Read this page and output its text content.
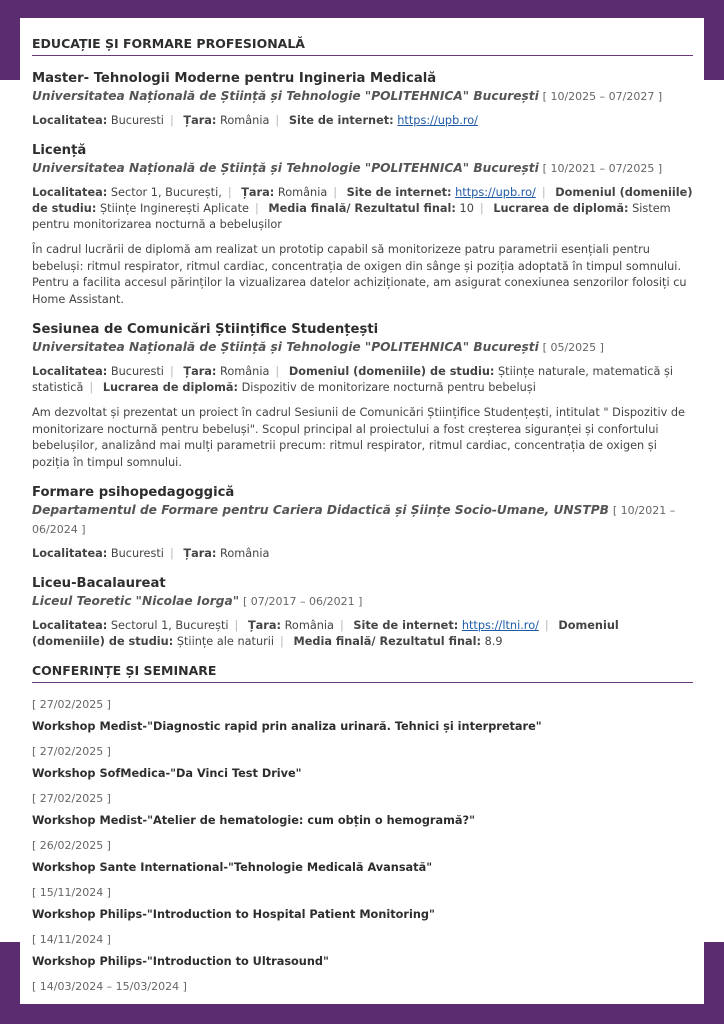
EDUCAȚIE ȘI FORMARE PROFESIONALĂ
Master- Tehnologii Moderne pentru Ingineria Medicală
Universitatea Națională de Știință și Tehnologie "POLITEHNICA" București [ 10/2025 – 07/2027 ]
Localitatea: Bucuresti | Țara: România | Site de internet: https://upb.ro/
Licență
Universitatea Națională de Știință și Tehnologie "POLITEHNICA" București [ 10/2021 – 07/2025 ]
Localitatea: Sector 1, București, | Țara: România | Site de internet: https://upb.ro/ | Domeniul (domeniile) de studiu: Științe Inginerești Aplicate | Media finală/ Rezultatul final: 10 | Lucrarea de diplomă: Sistem pentru monitorizarea nocturnă a bebelușilor
În cadrul lucrării de diplomă am realizat un prototip capabil să monitorizeze patru parametrii esențiali pentru bebeluși: ritmul respirator, ritmul cardiac, concentrația de oxigen din sânge și poziția adoptată în timpul somnului. Pentru a facilita accesul părinților la vizualizarea datelor achiziționate, am asigurat conexiunea senzorilor folosiți cu Home Assistant.
Sesiunea de Comunicări Științifice Studențești
Universitatea Națională de Știință și Tehnologie "POLITEHNICA" București [ 05/2025 ]
Localitatea: Bucuresti | Țara: România | Domeniul (domeniile) de studiu: Științe naturale, matematică și statistică | Lucrarea de diplomă: Dispozitiv de monitorizare nocturnă pentru bebeluși
Am dezvoltat și prezentat un proiect în cadrul Sesiunii de Comunicări Științifice Studențești, intitulat " Dispozitiv de monitorizare nocturnă pentru bebeluși". Scopul principal al proiectului a fost creșterea siguranței și confortului bebelușilor, analizând mai mulți parametrii precum: ritmul respirator, ritmul cardiac, concentrația de oxigen și poziția în timpul somnului.
Formare psihopedagoggică
Departamentul de Formare pentru Cariera Didactică și Șiințe Socio-Umane, UNSTPB [ 10/2021 – 06/2024 ]
Localitatea: Bucuresti | Țara: România
Liceu-Bacalaureat
Liceul Teoretic "Nicolae Iorga" [ 07/2017 – 06/2021 ]
Localitatea: Sectorul 1, București | Țara: România | Site de internet: https://ltni.ro/ | Domeniul (domeniile) de studiu: Științe ale naturii | Media finală/ Rezultatul final: 8.9
CONFERINȚE ȘI SEMINARE
[ 27/02/2025 ]
Workshop Medist-"Diagnostic rapid prin analiza urinară. Tehnici și interpretare"
[ 27/02/2025 ]
Workshop SofMedica-"Da Vinci Test Drive"
[ 27/02/2025 ]
Workshop Medist-"Atelier de hematologie: cum obțin o hemogramă?"
[ 26/02/2025 ]
Workshop Sante International-"Tehnologie Medicală Avansată"
[ 15/11/2024 ]
Workshop Philips-"Introduction to Hospital Patient Monitoring"
[ 14/11/2024 ]
Workshop Philips-"Introduction to Ultrasound"
[ 14/03/2024 – 15/03/2024 ]
